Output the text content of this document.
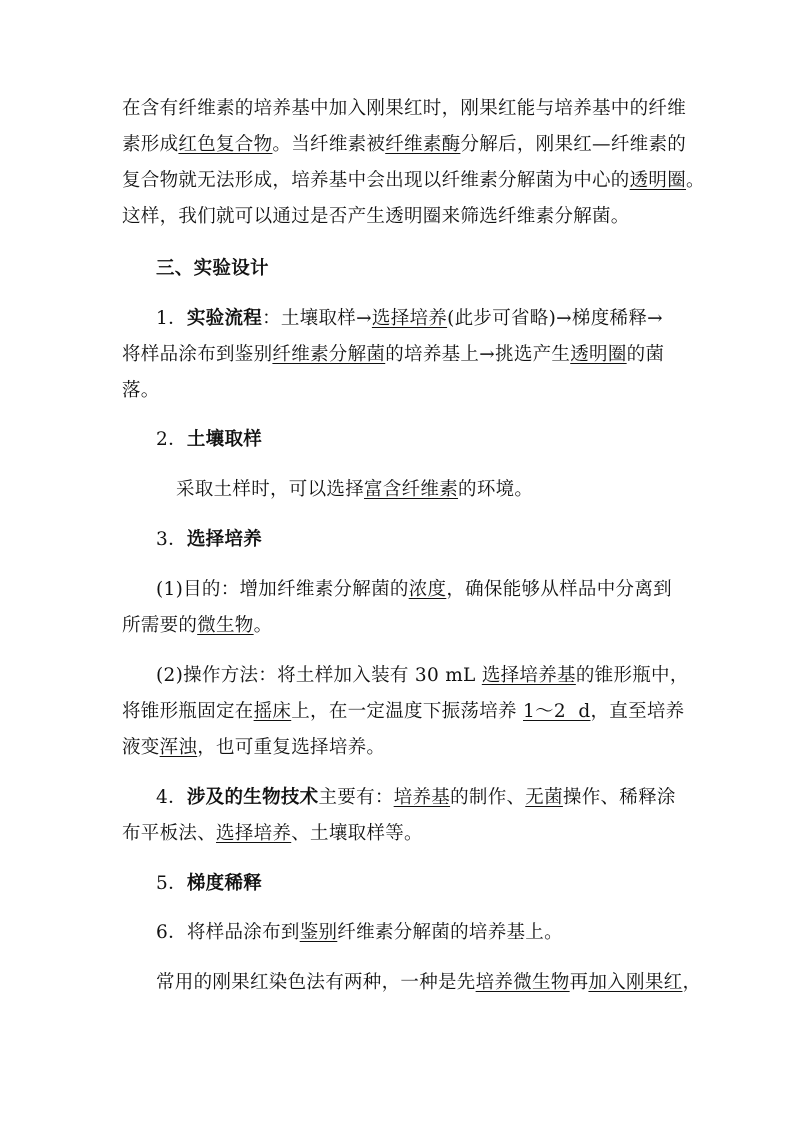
在含有纤维素的培养基中加入刚果红时，刚果红能与培养基中的纤维
素形成红色复合物。当纤维素被纤维素酶分解后，刚果红—纤维素的
复合物就无法形成，培养基中会出现以纤维素分解菌为中心的透明圈。
这样，我们就可以通过是否产生透明圈来筛选纤维素分解菌。
三、实验设计
1．实验流程：土壤取样→选择培养(此步可省略)→梯度稀释→
将样品涂布到鉴别纤维素分解菌的培养基上→挑选产生透明圈的菌
落。
2．土壤取样
采取土样时，可以选择富含纤维素的环境。
3．选择培养
(1)目的：增加纤维素分解菌的浓度，确保能够从样品中分离到
所需要的微生物。
(2)操作方法：将土样加入装有 30 mL 选择培养基的锥形瓶中，
将锥形瓶固定在摇床上，在一定温度下振荡培养 1～2  d，直至培养
液变浑浊，也可重复选择培养。
4．涉及的生物技术主要有：培养基的制作、无菌操作、稀释涂
布平板法、选择培养、土壤取样等。
5．梯度稀释
6．将样品涂布到鉴别纤维素分解菌的培养基上。
常用的刚果红染色法有两种，一种是先培养微生物再加入刚果红，
